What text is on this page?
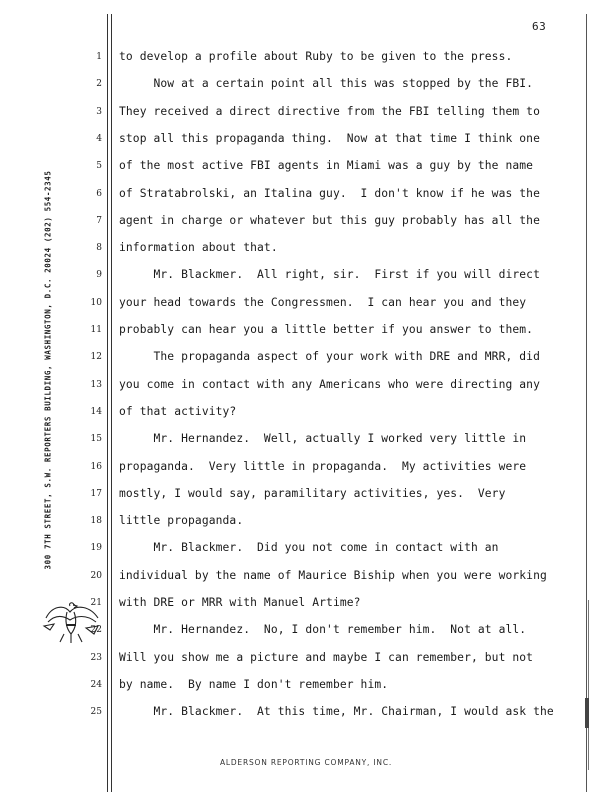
63
300 7TH STREET, S.W. REPORTERS BUILDING, WASHINGTON, D.C. 20024 (202) 554-2345
1 to develop a profile about Ruby to be given to the press.
2 Now at a certain point all this was stopped by the FBI.
3 They received a direct directive from the FBI telling them to
4 stop all this propaganda thing.  Now at that time I think one
5 of the most active FBI agents in Miami was a guy by the name
6 of Stratabrolski, an Italina guy.  I don't know if he was the
7 agent in charge or whatever but this guy probably has all the
8 information about that.
9 Mr. Blackmer.  All right, sir.  First if you will direct
10 your head towards the Congressmen.  I can hear you and they
11 probably can hear you a little better if you answer to them.
12 The propaganda aspect of your work with DRE and MRR, did
13 you come in contact with any Americans who were directing any
14 of that activity?
15 Mr. Hernandez.  Well, actually I worked very little in
16 propaganda.  Very little in propaganda.  My activities were
17 mostly, I would say, paramilitary activities, yes.  Very
18 little propaganda.
19 Mr. Blackmer.  Did you not come in contact with an
20 individual by the name of Maurice Biship when you were working
21 with DRE or MRR with Manuel Artime?
22 Mr. Hernandez.  No, I don't remember him.  Not at all.
23 Will you show me a picture and maybe I can remember, but not
24 by name.  By name I don't remember him.
25 Mr. Blackmer.  At this time, Mr. Chairman, I would ask the
ALDERSON REPORTING COMPANY, INC.
